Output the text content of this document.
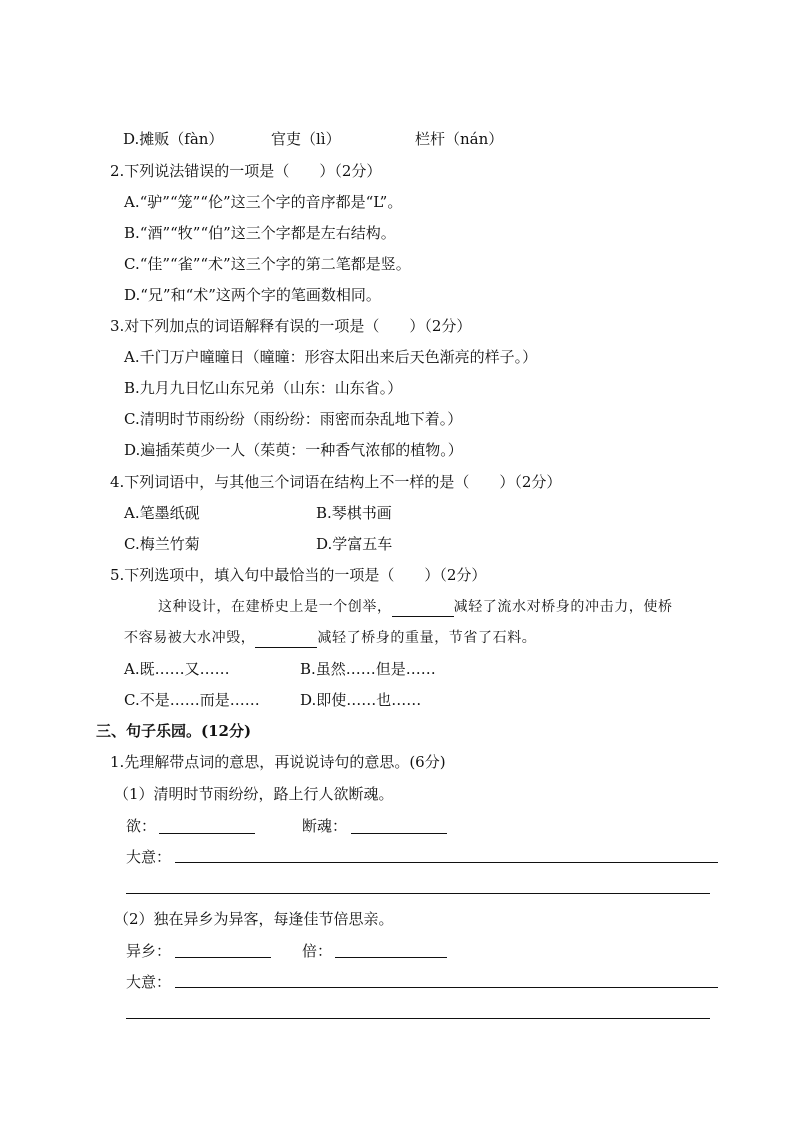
D.摊贩（fàn）	官吏（lì）	栏杆（nán）
2.下列说法错误的一项是（　　）（2分）
A.“驴”“笼”“伦”这三个字的音序都是“L”。
B.“酒”“牧”“伯”这三个字都是左右结构。
C.“佳”“雀”“术”这三个字的第二笔都是竖。
D.“兄”和“术”这两个字的笔画数相同。
3.对下列加点的词语解释有误的一项是（　　）（2分）
A.千门万户曈曈日（曈曈：形容太阳出来后天色渐亮的样子。）
B.九月九日忆山东兄弟（山东：山东省。）
C.清明时节雨纷纷（雨纷纷：雨密而杂乱地下着。）
D.遍插茱萸少一人（茱萸：一种香气浓郁的植物。）
4.下列词语中，与其他三个词语在结构上不一样的是（　　）（2分）
A.笔墨纸砚	B.琴棋书画
C.梅兰竹菊	D.学富五车
5.下列选项中，填入句中最恰当的一项是（　　）（2分）
这种设计，在建桥史上是一个创举，	减轻了流水对桥身的冲击力，使桥
不容易被大水冲毁，	减轻了桥身的重量，节省了石料。
A.既……又……	B.虽然……但是……
C.不是……而是……	D.即使……也……
三、句子乐园。(12分)
1.先理解带点词的意思，再说说诗句的意思。(6分)
（1）清明时节雨纷纷，路上行人欲断魂。
欲：	断魂：
大意：
（2）独在异乡为异客，每逢佳节倍思亲。
异乡：	倍：
大意：
